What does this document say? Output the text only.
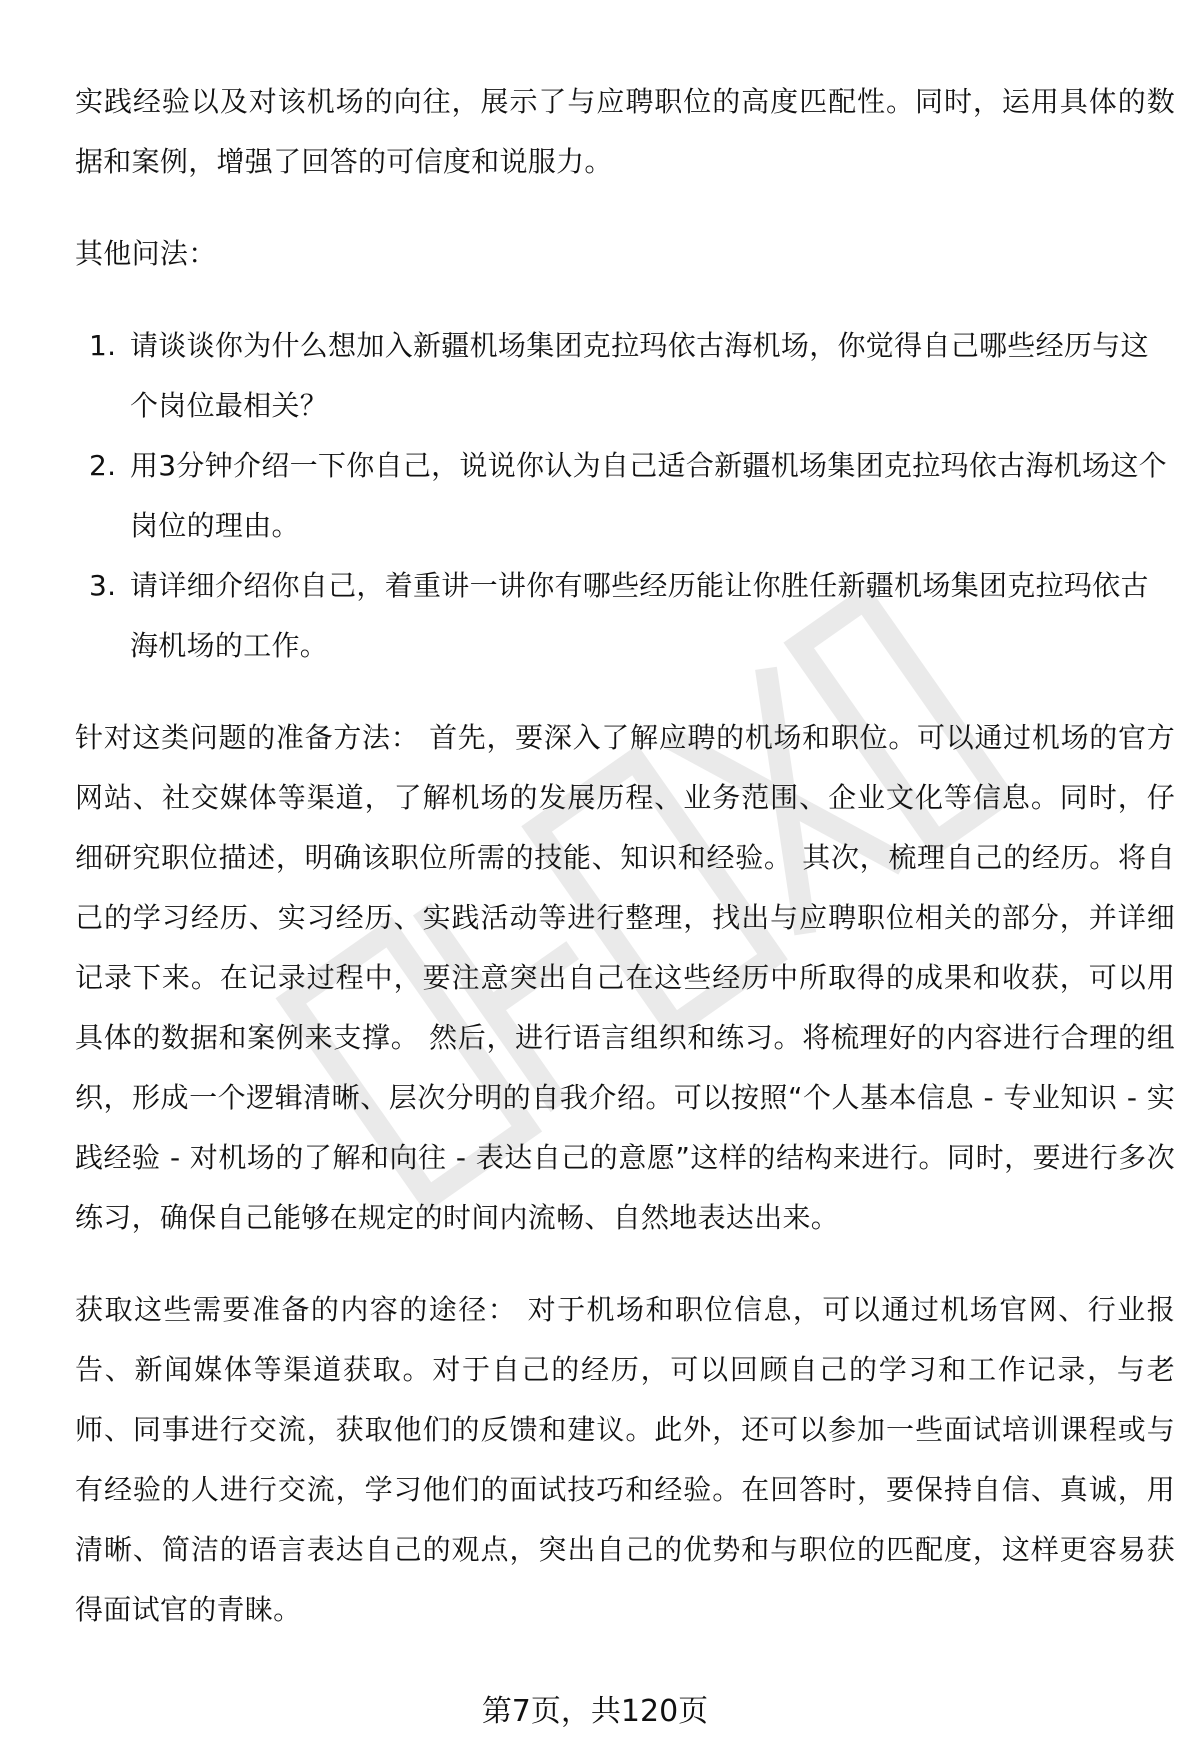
实践经验以及对该机场的向往，展示了与应聘职位的高度匹配性。同时，运用具体的数据和案例，增强了回答的可信度和说服力。

其他问法：

1. 请谈谈你为什么想加入新疆机场集团克拉玛依古海机场，你觉得自己哪些经历与这个岗位最相关？
2. 用3分钟介绍一下你自己，说说你认为自己适合新疆机场集团克拉玛依古海机场这个岗位的理由。
3. 请详细介绍你自己，着重讲一讲你有哪些经历能让你胜任新疆机场集团克拉玛依古海机场的工作。

针对这类问题的准备方法： 首先，要深入了解应聘的机场和职位。可以通过机场的官方网站、社交媒体等渠道，了解机场的发展历程、业务范围、企业文化等信息。同时，仔细研究职位描述，明确该职位所需的技能、知识和经验。 其次，梳理自己的经历。将自己的学习经历、实习经历、实践活动等进行整理，找出与应聘职位相关的部分，并详细记录下来。在记录过程中，要注意突出自己在这些经历中所取得的成果和收获，可以用具体的数据和案例来支撑。 然后，进行语言组织和练习。将梳理好的内容进行合理的组织，形成一个逻辑清晰、层次分明的自我介绍。可以按照“个人基本信息 - 专业知识 - 实践经验 - 对机场的了解和向往 - 表达自己的意愿”这样的结构来进行。同时，要进行多次练习，确保自己能够在规定的时间内流畅、自然地表达出来。

获取这些需要准备的内容的途径： 对于机场和职位信息，可以通过机场官网、行业报告、新闻媒体等渠道获取。对于自己的经历，可以回顾自己的学习和工作记录，与老师、同事进行交流，获取他们的反馈和建议。此外，还可以参加一些面试培训课程或与有经验的人进行交流，学习他们的面试技巧和经验。在回答时，要保持自信、真诚，用清晰、简洁的语言表达自己的观点，突出自己的优势和与职位的匹配度，这样更容易获得面试官的青睐。

第7页，共120页
